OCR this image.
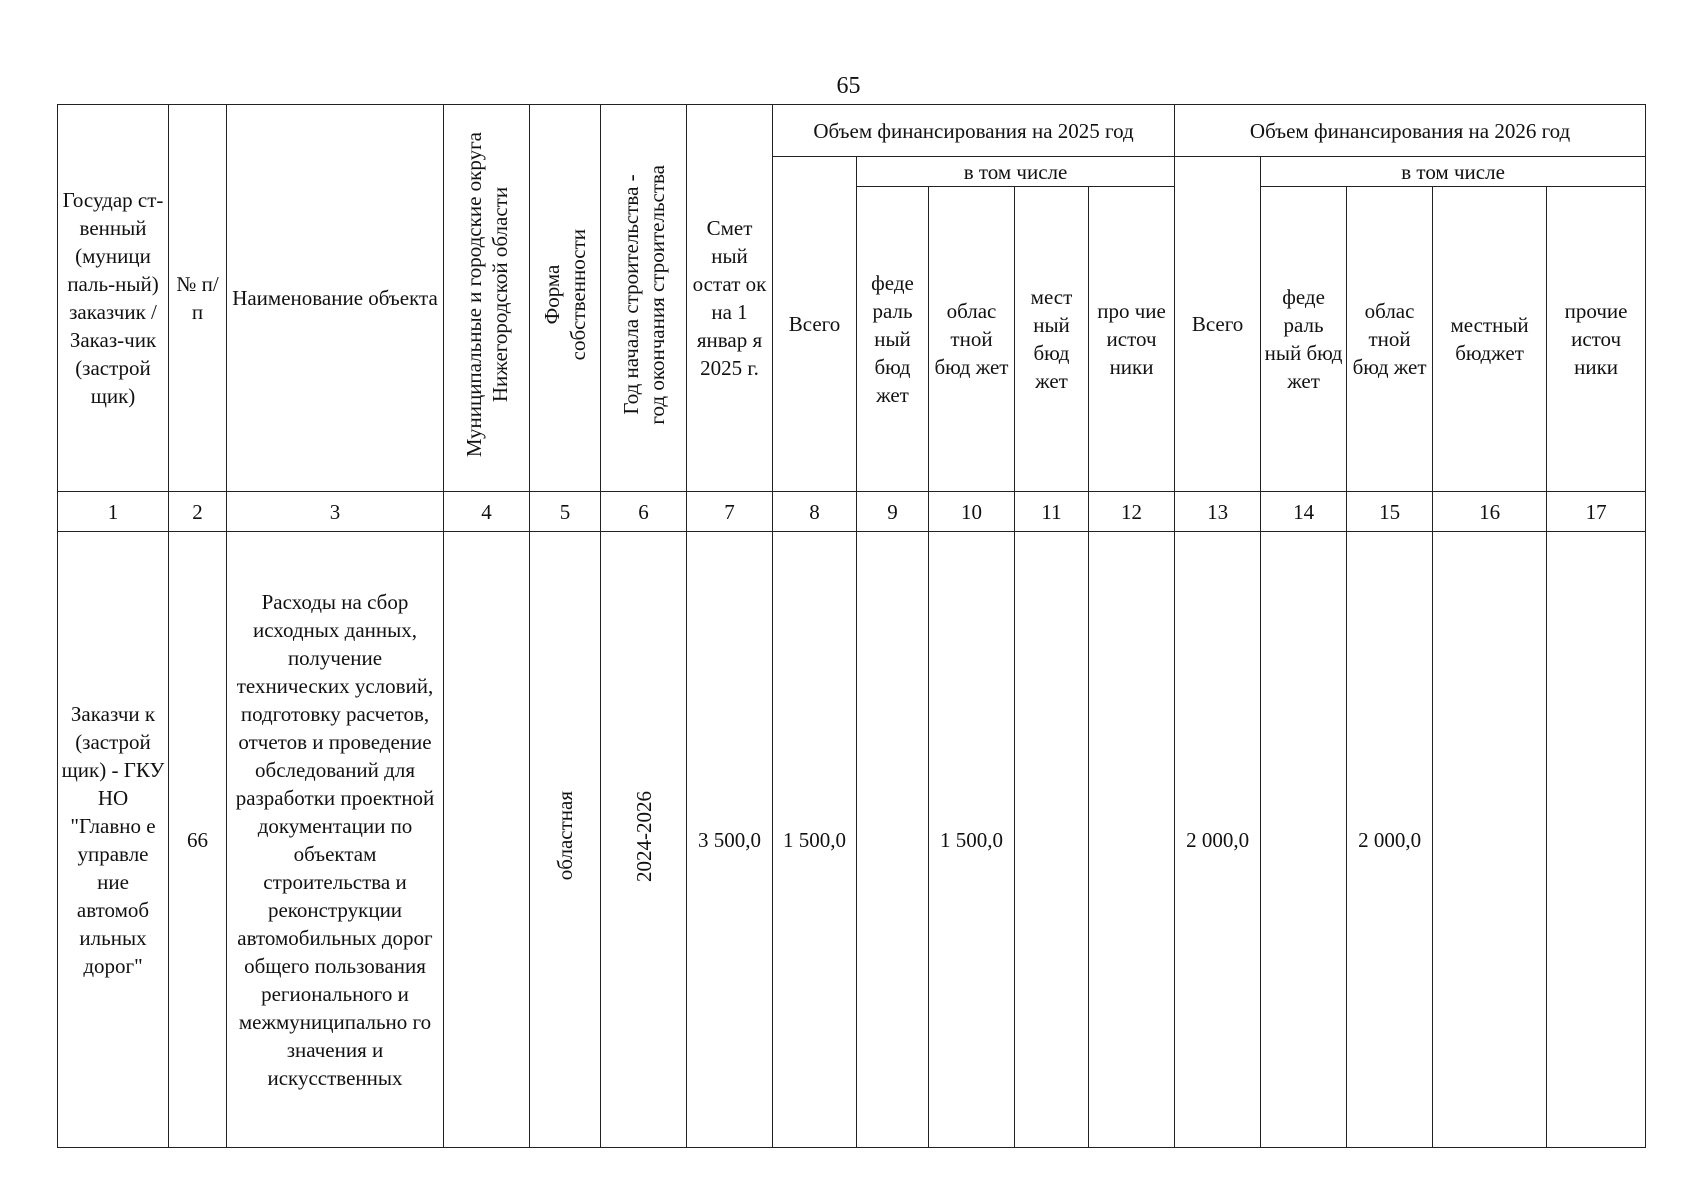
65
Государ ст-венный (муници паль-ный) заказчик / Заказ-чик (застрой щик)	№ п/п	Наименование объекта	Муниципальные и городские округа
Нижегородской области	Форма
собственности	Год начала строительства -
год окончания строительства	Смет ный остат ок на 1 январ я 2025 г.	Объем финансирования на 2025 год					Объем финансирования на 2026 год				
							Всего	в том числе				Всего	в том числе			
								феде раль ный бюд жет	облас тной бюд жет	мест ный бюд жет	про чие источ ники		феде раль ный бюд жет	облас тной бюд жет	местный бюджет	прочие источ ники
1	2	3	4	5	6	7	8	9	10	11	12	13	14	15	16	17
Заказчи к (застрой щик) - ГКУ НО "Главно е управле ние автомоб ильных дорог"	66	Расходы на сбор исходных данных, получение технических условий, подготовку расчетов, отчетов и проведение обследований для разработки проектной документации по объектам строительства и реконструкции автомобильных дорог общего пользования регионального и межмуниципально го значения и искусственных		областная	2024-2026	3 500,0	1 500,0		1 500,0			2 000,0		2 000,0		
